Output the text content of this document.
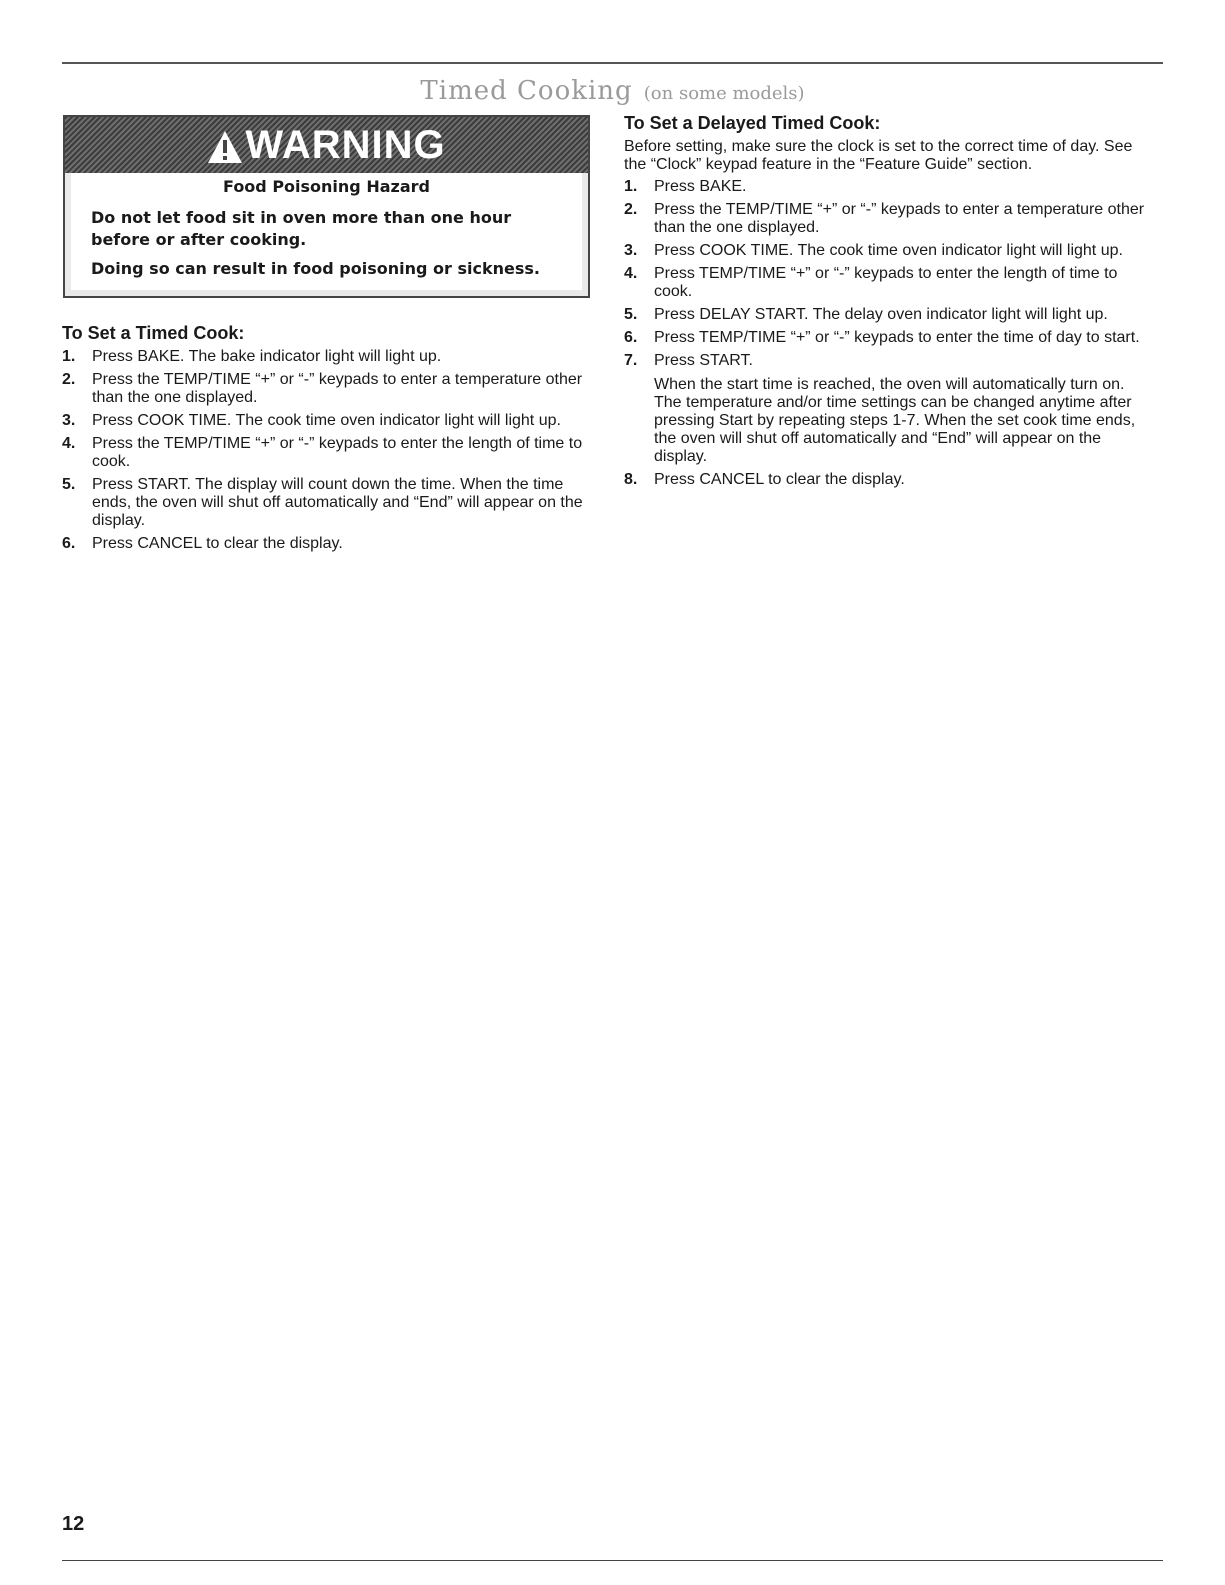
Timed Cooking (on some models)
WARNING
Food Poisoning Hazard
Do not let food sit in oven more than one hour before or after cooking.
Doing so can result in food poisoning or sickness.
To Set a Timed Cook:
1. Press BAKE. The bake indicator light will light up.
2. Press the TEMP/TIME “+” or “-” keypads to enter a temperature other than the one displayed.
3. Press COOK TIME. The cook time oven indicator light will light up.
4. Press the TEMP/TIME “+” or “-” keypads to enter the length of time to cook.
5. Press START. The display will count down the time. When the time ends, the oven will shut off automatically and “End” will appear on the display.
6. Press CANCEL to clear the display.
To Set a Delayed Timed Cook:

Before setting, make sure the clock is set to the correct time of day. See the “Clock” keypad feature in the “Feature Guide” section.

1. Press BAKE.
2. Press the TEMP/TIME “+” or “-” keypads to enter a temperature other than the one displayed.
3. Press COOK TIME. The cook time oven indicator light will light up.
4. Press TEMP/TIME “+” or “-” keypads to enter the length of time to cook.
5. Press DELAY START. The delay oven indicator light will light up.
6. Press TEMP/TIME “+” or “-” keypads to enter the time of day to start.
7. Press START.
When the start time is reached, the oven will automatically turn on. The temperature and/or time settings can be changed anytime after pressing Start by repeating steps 1-7. When the set cook time ends, the oven will shut off automatically and “End” will appear on the display.
8. Press CANCEL to clear the display.
12
